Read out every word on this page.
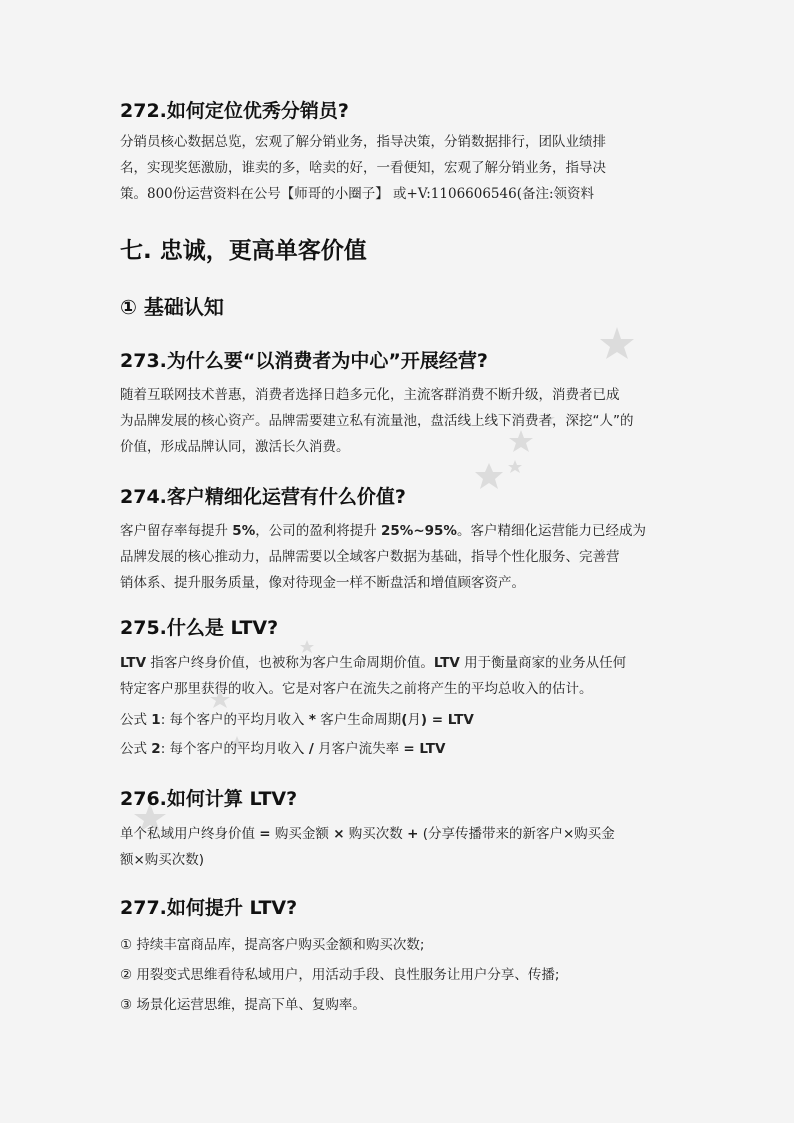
272.如何定位优秀分销员?
分销员核心数据总览，宏观了解分销业务，指导决策，分销数据排行，团队业绩排
名，实现奖惩激励，谁卖的多，啥卖的好，一看便知，宏观了解分销业务，指导决
策。800份运营资料在公号【师哥的小圈子】 或+V:1106606546(备注:领资料
七. 忠诚，更高单客价值
① 基础认知
273.为什么要“以消费者为中心”开展经营?
随着互联网技术普惠，消费者选择日趋多元化，主流客群消费不断升级，消费者已成
为品牌发展的核心资产。品牌需要建立私有流量池，盘活线上线下消费者，深挖“人”的
价值，形成品牌认同，激活长久消费。
274.客户精细化运营有什么价值?
客户留存率每提升 5%，公司的盈利将提升 25%~95%。客户精细化运营能力已经成为
品牌发展的核心推动力，品牌需要以全域客户数据为基础，指导个性化服务、完善营
销体系、提升服务质量，像对待现金一样不断盘活和增值顾客资产。
275.什么是 LTV?
LTV 指客户终身价值，也被称为客户生命周期价值。LTV 用于衡量商家的业务从任何
特定客户那里获得的收入。它是对客户在流失之前将产生的平均总收入的估计。
公式 1: 每个客户的平均月收入 * 客户生命周期(月) = LTV
公式 2: 每个客户的平均月收入 / 月客户流失率 = LTV
276.如何计算 LTV?
单个私域用户终身价值 = 购买金额 × 购买次数 + (分享传播带来的新客户×购买金
额×购买次数)
277.如何提升 LTV?
① 持续丰富商品库，提高客户购买金额和购买次数;
② 用裂变式思维看待私域用户，用活动手段、良性服务让用户分享、传播;
③ 场景化运营思维，提高下单、复购率。
